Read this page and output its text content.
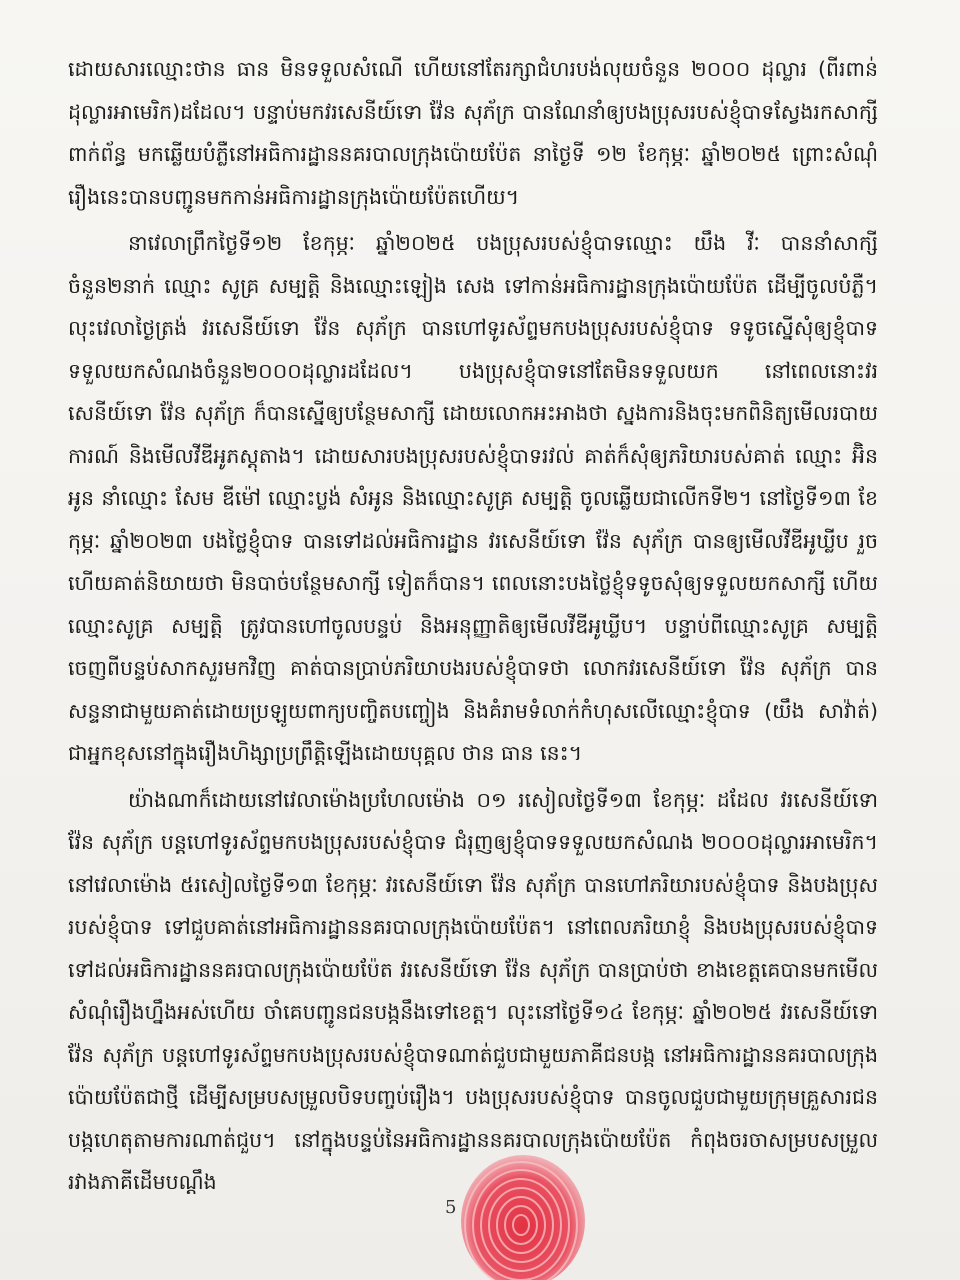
ដោយសារឈ្មោះថាន ធាន មិនទទួលសំណើ ហើយនៅតែរក្សាជំហរបង់លុយចំនួន ២០០០ ដុល្លារ (ពីរពាន់ដុល្លារអាមេរិក)ដដែល។ បន្ទាប់មកវរសេនីយ៍ទោ វ៉ែន សុភ័ក្រ បានណែនាំឲ្យបងប្រុសរបស់ខ្ញុំបាទស្វែងរកសាក្សីពាក់ព័ន្ធ មកឆ្លើយបំភ្លឺនៅអធិការដ្ឋាននគរបាលក្រុងប៉ោយប៉ែត នាថ្ងៃទី ១២ ខែកុម្ភៈ ឆ្នាំ២០២៥ ព្រោះសំណុំរឿងនេះបានបញ្ជូនមកកាន់អធិការដ្ឋានក្រុងប៉ោយប៉ែតហើយ។

នាវេលាព្រឹកថ្ងៃទី១២ ខែកុម្ភៈ ឆ្នាំ២០២៥ បងប្រុសរបស់ខ្ញុំបាទឈ្មោះ យឹង វីៈ បាននាំសាក្សីចំនួន២នាក់ ឈ្មោះ សូគ្រ សម្បត្តិ និងឈ្មោះឡៀង សេង ទៅកាន់អធិការដ្ឋានក្រុងប៉ោយប៉ែត ដើម្បីចូលបំភ្លឺ។ លុះវេលាថ្ងៃត្រង់ វរសេនីយ៍ទោ វ៉ែន សុភ័ក្រ បានហៅទូរស័ព្ទមកបងប្រុសរបស់ខ្ញុំបាទ ទទូចស្នើសុំឲ្យខ្ញុំបាទទទួលយកសំណងចំនួន២០០០ដុល្លារដដែល។ បងប្រុសខ្ញុំបាទនៅតែមិនទទួលយក នៅពេលនោះវរសេនីយ៍ទោ វ៉ែន សុភ័ក្រ ក៏បានស្នើឲ្យបន្ថែមសាក្សី ដោយលោកអះអាងថា ស្នងការនិងចុះមកពិនិត្យមើលរបាយការណ៍ និងមើលវីឌីអូភស្តុតាង។ ដោយសារបងប្រុសរបស់ខ្ញុំបាទរវល់ គាត់ក៏សុំឲ្យភរិយារបស់គាត់ ឈ្មោះ អ៊ិន អូន នាំឈ្មោះ សែម ឌីម៉ៅ ឈ្មោះប្លង់ សំអូន និងឈ្មោះសូគ្រ សម្បត្តិ ចូលឆ្លើយជាលើកទី២។ នៅថ្ងៃទី១៣ ខែកុម្ភៈ ឆ្នាំ២០២៣ បងថ្លៃខ្ញុំបាទ បានទៅដល់អធិការដ្ឋាន វរសេនីយ៍ទោ វ៉ែន សុភ័ក្រ បានឲ្យមើលវីឌីអូឃ្លីប រួចហើយគាត់និយាយថា មិនបាច់បន្ថែមសាក្សី ទៀតក៏បាន។ ពេលនោះបងថ្លៃខ្ញុំទទូចសុំឲ្យទទួលយកសាក្សី ហើយឈ្មោះសូគ្រ សម្បត្តិ ត្រូវបានហៅចូលបន្ទប់ និងអនុញ្ញាតិឲ្យមើលវីឌីអូឃ្លីប។ បន្ទាប់ពីឈ្មោះសូគ្រ សម្បត្តិ ចេញពីបន្ទប់សាកសួរមកវិញ គាត់បានប្រាប់ភរិយាបងរបស់ខ្ញុំបាទថា លោកវរសេនីយ៍ទោ វ៉ែន សុភ័ក្រ បានសន្ទនាជាមួយគាត់ដោយប្រឡូយពាក្យបញ្ចិតបញ្ចៀង និងគំរាមទំលាក់កំហុសលើឈ្មោះខ្ញុំបាទ (យឹង សាវ៉ាត់) ជាអ្នកខុសនៅក្នុងរឿងហិង្សាប្រព្រឹត្តិឡើងដោយបុគ្គល ថាន ធាន នេះ។

យ៉ាងណាក៏ដោយនៅវេលាម៉ោងប្រហែលម៉ោង ០១ រសៀលថ្ងៃទី១៣ ខែកុម្ភៈ ដដែល វរសេនីយ៍ទោ វ៉ែន សុភ័ក្រ បន្តហៅទូរស័ព្ទមកបងប្រុសរបស់ខ្ញុំបាទ ជំរុញឲ្យខ្ញុំបាទទទួលយកសំណង ២០០០ដុល្លារអាមេរិក។ នៅវេលាម៉ោង ៥រសៀលថ្ងៃទី១៣ ខែកុម្ភៈ វរសេនីយ៍ទោ វ៉ែន សុភ័ក្រ បានហៅភរិយារបស់ខ្ញុំបាទ និងបងប្រុសរបស់ខ្ញុំបាទ ទៅជួបគាត់នៅអធិការដ្ឋាននគរបាលក្រុងប៉ោយប៉ែត។ នៅពេលភរិយាខ្ញុំ និងបងប្រុសរបស់ខ្ញុំបាទ ទៅដល់អធិការដ្ឋាននគរបាលក្រុងប៉ោយប៉ែត វរសេនីយ៍ទោ វ៉ែន សុភ័ក្រ បានប្រាប់ថា ខាងខេត្តគេបានមកមើលសំណុំរឿងហ្នឹងអស់ហើយ ចាំគេបញ្ជូនជនបង្កនឹងទៅខេត្ត។ លុះនៅថ្ងៃទី១៤ ខែកុម្ភៈ ឆ្នាំ២០២៥ វរសេនីយ៍ទោ វ៉ែន សុភ័ក្រ បន្តហៅទូរស័ព្ទមកបងប្រុសរបស់ខ្ញុំបាទណាត់ជួបជាមួយភាគីជនបង្ក នៅអធិការដ្ឋាននគរបាលក្រុងប៉ោយប៉ែតជាថ្មី ដើម្បីសម្របសម្រួលបិទបញ្ចប់រឿង។ បងប្រុសរបស់ខ្ញុំបាទ បានចូលជួបជាមួយក្រុមគ្រួសារជនបង្កហេតុតាមការណាត់ជួប។ នៅក្នុងបន្ទប់នៃអធិការដ្ឋាននគរបាលក្រុងប៉ោយប៉ែត កំពុងចរចាសម្របសម្រួលរវាងភាគីដើមបណ្តឹង

5
